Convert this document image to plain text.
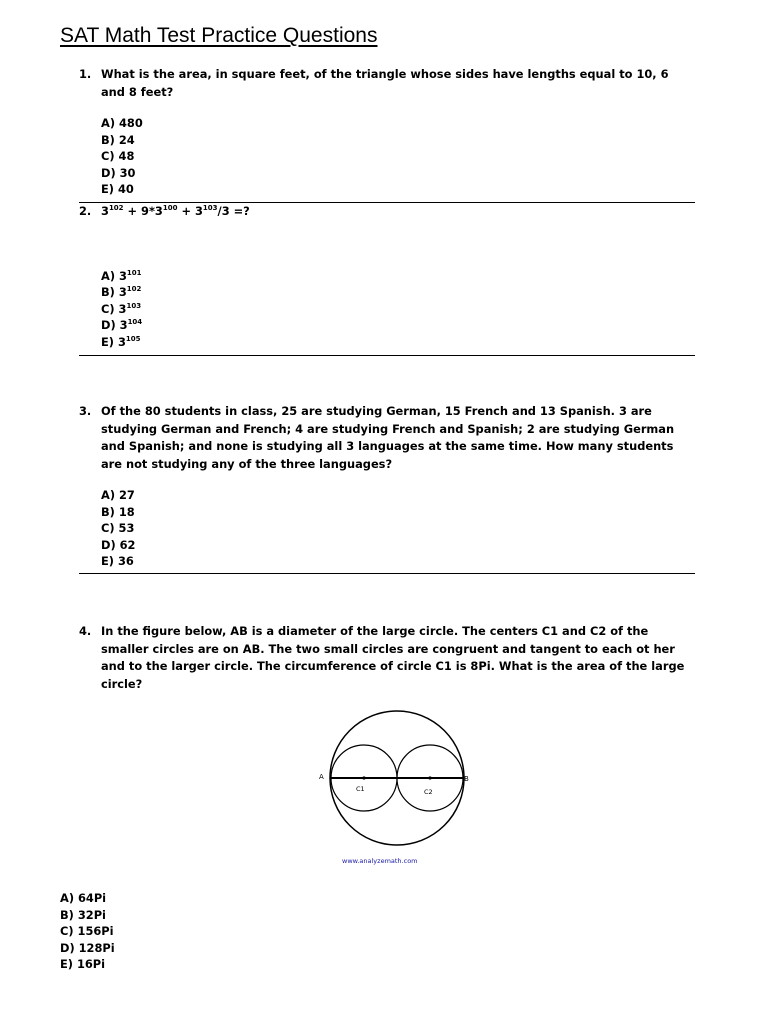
SAT Math Test Practice Questions
1. What is the area, in square feet, of the triangle whose sides have lengths equal to 10, 6 and 8 feet?
A) 480
B) 24
C) 48
D) 30
E) 40
2. $3^{102} + 9*3^{100} + 3^{103}/3$ =?
A) $3^{101}$
B) $3^{102}$
C) $3^{103}$
D) $3^{104}$
E) $3^{105}$
3. Of the 80 students in class, 25 are studying German, 15 French and 13 Spanish. 3 are studying German and French; 4 are studying French and Spanish; 2 are studying German and Spanish; and none is studying all 3 languages at the same time. How many students are not studying any of the three languages?
A) 27
B) 18
C) 53
D) 62
E) 36
4. In the figure below, AB is a diameter of the large circle. The centers C1 and C2 of the smaller circles are on AB. The two small circles are congruent and tangent to each ot her and to the larger circle. The circumference of circle C1 is 8Pi. What is the area of the large circle?
A	B
C1	C2
www.analyzemath.com
A) 64Pi
B) 32Pi
C) 156Pi
D) 128Pi
E) 16Pi
